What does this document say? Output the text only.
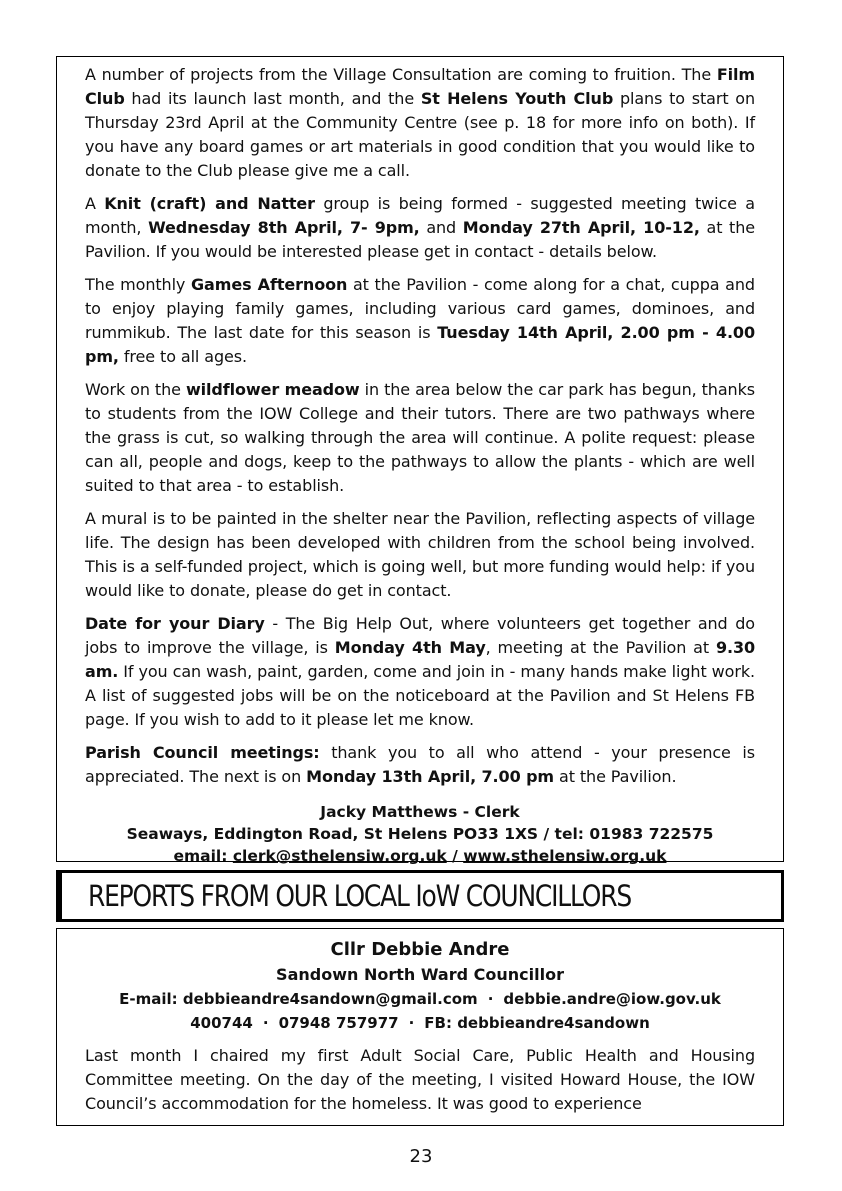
A number of projects from the Village Consultation are coming to fruition. The Film Club had its launch last month, and the St Helens Youth Club plans to start on Thursday 23rd April at the Community Centre (see p. 18 for more info on both). If you have any board games or art materials in good condition that you would like to donate to the Club please give me a call.

A Knit (craft) and Natter group is being formed - suggested meeting twice a month, Wednesday 8th April, 7- 9pm, and Monday 27th April, 10-12, at the Pavilion. If you would be interested please get in contact - details below.

The monthly Games Afternoon at the Pavilion - come along for a chat, cuppa and to enjoy playing family games, including various card games, dominoes, and rummikub. The last date for this season is Tuesday 14th April, 2.00 pm - 4.00 pm, free to all ages.

Work on the wildflower meadow in the area below the car park has begun, thanks to students from the IOW College and their tutors. There are two pathways where the grass is cut, so walking through the area will continue. A polite request: please can all, people and dogs, keep to the pathways to allow the plants - which are well suited to that area - to establish.

A mural is to be painted in the shelter near the Pavilion, reflecting aspects of village life. The design has been developed with children from the school being involved. This is a self-funded project, which is going well, but more funding would help: if you would like to donate, please do get in contact.

Date for your Diary - The Big Help Out, where volunteers get together and do jobs to improve the village, is Monday 4th May, meeting at the Pavilion at 9.30 am. If you can wash, paint, garden, come and join in - many hands make light work. A list of suggested jobs will be on the noticeboard at the Pavilion and St Helens FB page. If you wish to add to it please let me know.

Parish Council meetings: thank you to all who attend - your presence is appreciated. The next is on Monday 13th April, 7.00 pm at the Pavilion.

Jacky Matthews - Clerk
Seaways, Eddington Road, St Helens PO33 1XS / tel: 01983 722575
email: clerk@sthelensiw.org.uk / www.sthelensiw.org.uk
REPORTS FROM OUR LOCAL IoW COUNCILLORS
Cllr Debbie Andre
Sandown North Ward Councillor
E-mail: debbieandre4sandown@gmail.com · debbie.andre@iow.gov.uk
400744 · 07948 757977 · FB: debbieandre4sandown

Last month I chaired my first Adult Social Care, Public Health and Housing Committee meeting. On the day of the meeting, I visited Howard House, the IOW Council’s accommodation for the homeless. It was good to experience

23
